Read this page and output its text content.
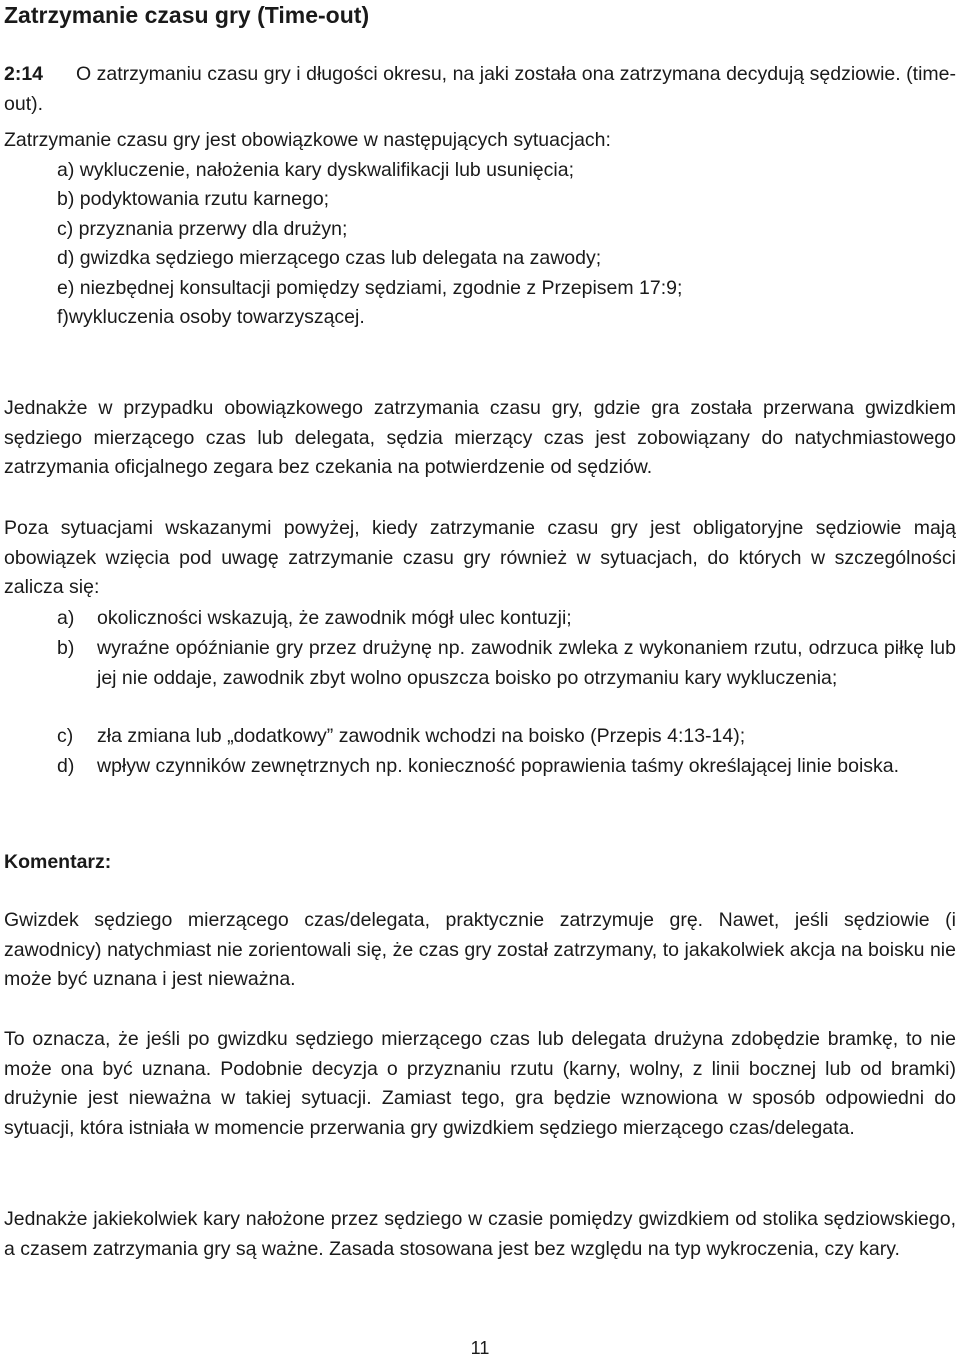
Zatrzymanie czasu gry (Time-out)
2:14 O zatrzymaniu czasu gry i długości okresu, na jaki została ona zatrzymana decydują sędziowie. (time-out).
Zatrzymanie czasu gry jest obowiązkowe w następujących sytuacjach:
a) wykluczenie, nałożenia kary dyskwalifikacji lub usunięcia;
b) podyktowania rzutu karnego;
c) przyznania przerwy dla drużyn;
d) gwizdka sędziego mierzącego czas lub delegata na zawody;
e) niezbędnej konsultacji pomiędzy sędziami, zgodnie z Przepisem 17:9;
f)wykluczenia osoby towarzyszącej.
Jednakże w przypadku obowiązkowego zatrzymania czasu gry, gdzie gra została przerwana gwizdkiem sędziego mierzącego czas lub delegata, sędzia mierzący czas jest zobowiązany do natychmiastowego zatrzymania oficjalnego zegara bez czekania na potwierdzenie od sędziów.
Poza sytuacjami wskazanymi powyżej, kiedy zatrzymanie czasu gry jest obligatoryjne sędziowie mają obowiązek wzięcia pod uwagę zatrzymanie czasu gry również w sytuacjach, do których w szczególności zalicza się:
a) okoliczności wskazują, że zawodnik mógł ulec kontuzji;
b) wyraźne opóźnianie gry przez drużynę np. zawodnik zwleka z wykonaniem rzutu, odrzuca piłkę lub jej nie oddaje, zawodnik zbyt wolno opuszcza boisko po otrzymaniu kary wykluczenia;
c) zła zmiana lub „dodatkowy” zawodnik wchodzi na boisko (Przepis 4:13-14);
d) wpływ czynników zewnętrznych np. konieczność poprawienia taśmy określającej linie boiska.
Komentarz:
Gwizdek sędziego mierzącego czas/delegata, praktycznie zatrzymuje grę. Nawet, jeśli sędziowie (i zawodnicy) natychmiast nie zorientowali się, że czas gry został zatrzymany, to jakakolwiek akcja na boisku nie może być uznana i jest nieważna.
To oznacza, że jeśli po gwizdku sędziego mierzącego czas lub delegata drużyna zdobędzie bramkę, to nie może ona być uznana. Podobnie decyzja o przyznaniu rzutu (karny, wolny, z linii bocznej lub od bramki) drużynie jest nieważna w takiej sytuacji. Zamiast tego, gra będzie wznowiona w sposób odpowiedni do sytuacji, która istniała w momencie przerwania gry gwizdkiem sędziego mierzącego czas/delegata.
Jednakże jakiekolwiek kary nałożone przez sędziego w czasie pomiędzy gwizdkiem od stolika sędziowskiego, a czasem zatrzymania gry są ważne. Zasada stosowana jest bez względu na typ wykroczenia, czy kary.
11
